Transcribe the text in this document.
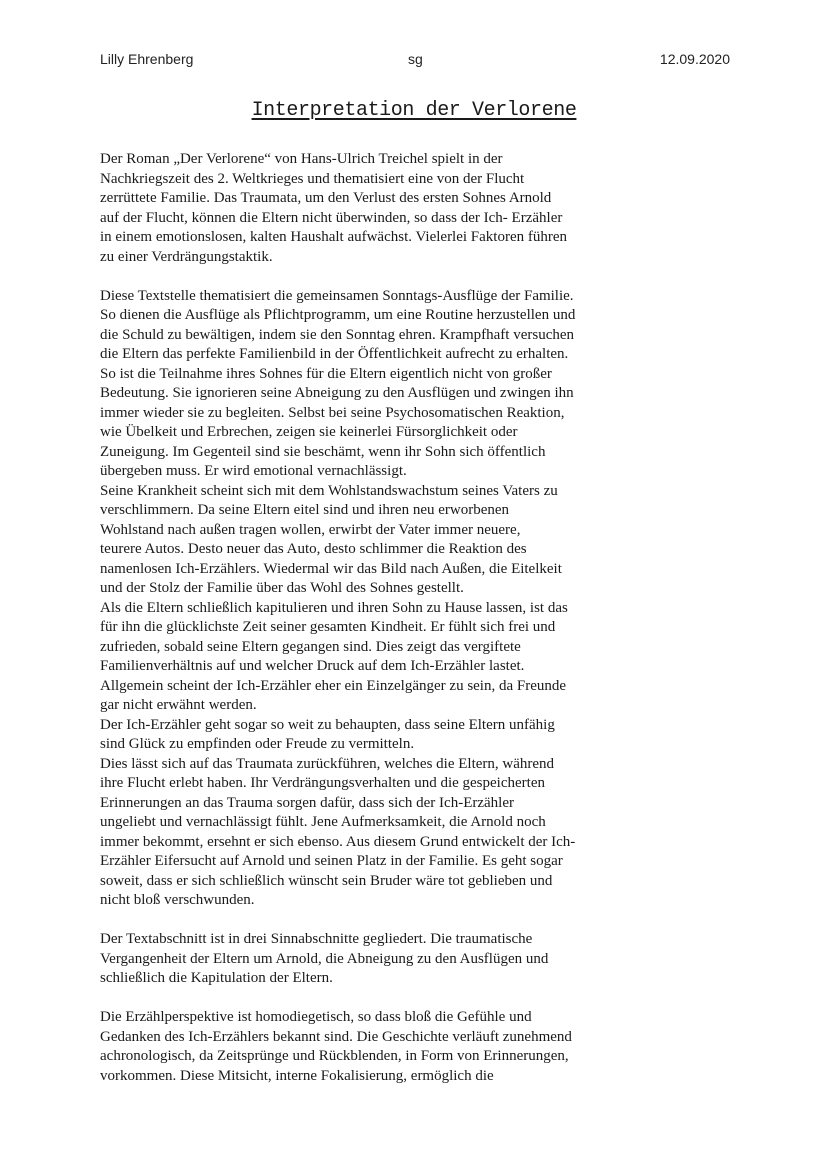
Lilly Ehrenberg	sg	12.09.2020
Interpretation der Verlorene
Der Roman „Der Verlorene“ von Hans-Ulrich Treichel spielt in der
Nachkriegszeit des 2. Weltkrieges und thematisiert eine von der Flucht
zerrüttete Familie. Das Traumata, um den Verlust des ersten Sohnes Arnold
auf der Flucht, können die Eltern nicht überwinden, so dass der Ich- Erzähler
in einem emotionslosen, kalten Haushalt aufwächst. Vielerlei Faktoren führen
zu einer Verdrängungstaktik.
Diese Textstelle thematisiert die gemeinsamen Sonntags-Ausflüge der Familie.
So dienen die Ausflüge als Pflichtprogramm, um eine Routine herzustellen und
die Schuld zu bewältigen, indem sie den Sonntag ehren. Krampfhaft versuchen
die Eltern das perfekte Familienbild in der Öffentlichkeit aufrecht zu erhalten.
So ist die Teilnahme ihres Sohnes für die Eltern eigentlich nicht von großer
Bedeutung. Sie ignorieren seine Abneigung zu den Ausflügen und zwingen ihn
immer wieder sie zu begleiten. Selbst bei seine Psychosomatischen Reaktion,
wie Übelkeit und Erbrechen, zeigen sie keinerlei Fürsorglichkeit oder
Zuneigung. Im Gegenteil sind sie beschämt, wenn ihr Sohn sich öffentlich
übergeben muss. Er wird emotional vernachlässigt.
Seine Krankheit scheint sich mit dem Wohlstandswachstum seines Vaters zu
verschlimmern. Da seine Eltern eitel sind und ihren neu erworbenen
Wohlstand nach außen tragen wollen, erwirbt der Vater immer neuere,
teurere Autos. Desto neuer das Auto, desto schlimmer die Reaktion des
namenlosen Ich-Erzählers. Wiedermal wir das Bild nach Außen, die Eitelkeit
und der Stolz der Familie über das Wohl des Sohnes gestellt.
Als die Eltern schließlich kapitulieren und ihren Sohn zu Hause lassen, ist das
für ihn die glücklichste Zeit seiner gesamten Kindheit. Er fühlt sich frei und
zufrieden, sobald seine Eltern gegangen sind. Dies zeigt das vergiftete
Familienverhältnis auf und welcher Druck auf dem Ich-Erzähler lastet.
Allgemein scheint der Ich-Erzähler eher ein Einzelgänger zu sein, da Freunde
gar nicht erwähnt werden.
Der Ich-Erzähler geht sogar so weit zu behaupten, dass seine Eltern unfähig
sind Glück zu empfinden oder Freude zu vermitteln.
Dies lässt sich auf das Traumata zurückführen, welches die Eltern, während
ihre Flucht erlebt haben. Ihr Verdrängungsverhalten und die gespeicherten
Erinnerungen an das Trauma sorgen dafür, dass sich der Ich-Erzähler
ungeliebt und vernachlässigt fühlt. Jene Aufmerksamkeit, die Arnold noch
immer bekommt, ersehnt er sich ebenso. Aus diesem Grund entwickelt der Ich-
Erzähler Eifersucht auf Arnold und seinen Platz in der Familie. Es geht sogar
soweit, dass er sich schließlich wünscht sein Bruder wäre tot geblieben und
nicht bloß verschwunden.
Der Textabschnitt ist in drei Sinnabschnitte gegliedert. Die traumatische
Vergangenheit der Eltern um Arnold, die Abneigung zu den Ausflügen und
schließlich die Kapitulation der Eltern.
Die Erzählperspektive ist homodiegetisch, so dass bloß die Gefühle und
Gedanken des Ich-Erzählers bekannt sind. Die Geschichte verläuft zunehmend
achronologisch, da Zeitsprünge und Rückblenden, in Form von Erinnerungen,
vorkommen. Diese Mitsicht, interne Fokalisierung, ermöglich die
